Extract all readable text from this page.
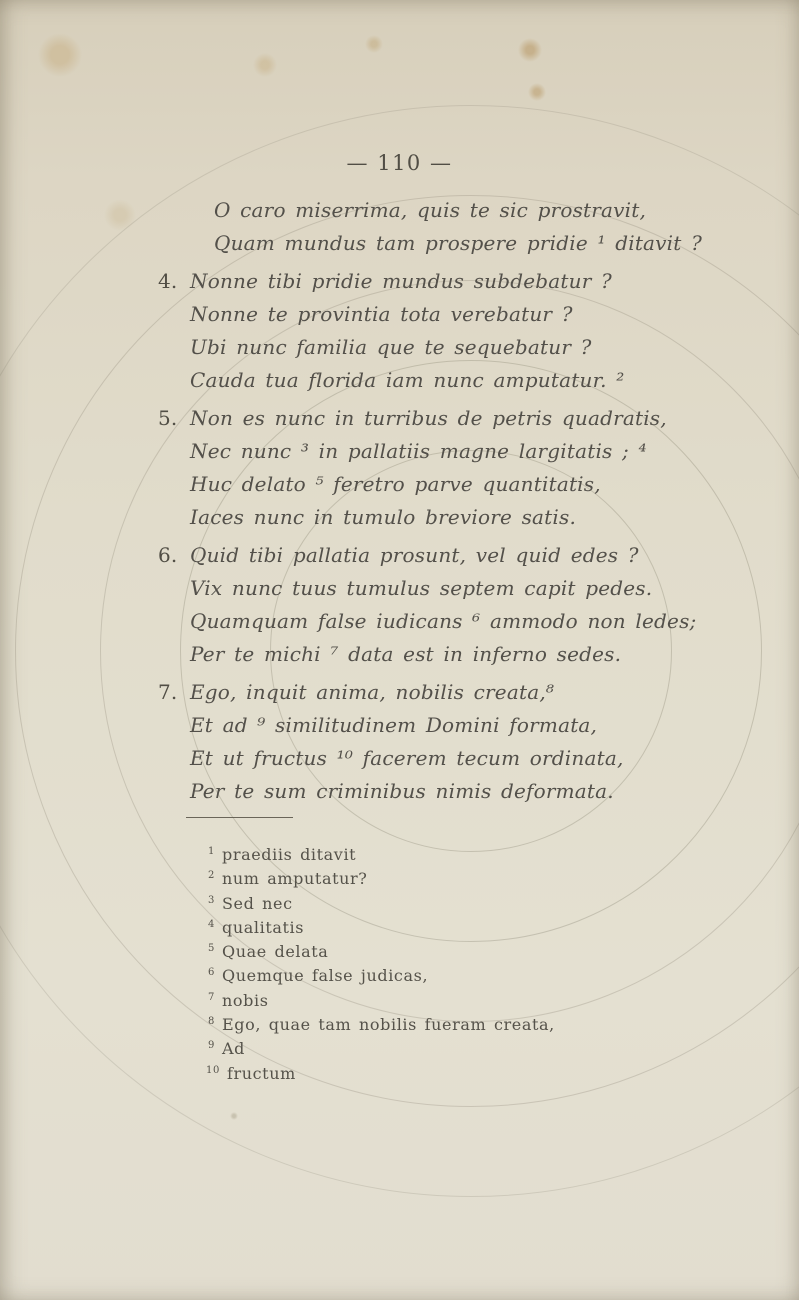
— 110 —
O caro miserrima, quis te sic prostravit,
Quam mundus tam prospere pridie ¹ ditavit ?
4. Nonne tibi pridie mundus subdebatur ?
Nonne te provintia tota verebatur ?
Ubi nunc familia que te sequebatur ?
Cauda tua florida iam nunc amputatur. ²
5. Non es nunc in turribus de petris quadratis,
Nec nunc ³ in pallatiis magne largitatis ; ⁴
Huc delato ⁵ feretro parve quantitatis,
Iaces nunc in tumulo breviore satis.
6. Quid tibi pallatia prosunt, vel quid edes ?
Vix nunc tuus tumulus septem capit pedes.
Quamquam false iudicans ⁶ ammodo non ledes;
Per te michi ⁷ data est in inferno sedes.
7. Ego, inquit anima, nobilis creata,⁸
Et ad ⁹ similitudinem Domini formata,
Et ut fructus ¹⁰ facerem tecum ordinata,
Per te sum criminibus nimis deformata.
$^1$ praediis ditavit
$^2$ num amputatur?
$^3$ Sed nec
$^4$ qualitatis
$^5$ Quae delata
$^6$ Quemque false judicas,
$^7$ nobis
$^8$ Ego, quae tam nobilis fueram creata,
$^9$ Ad
$^{10}$ fructum
